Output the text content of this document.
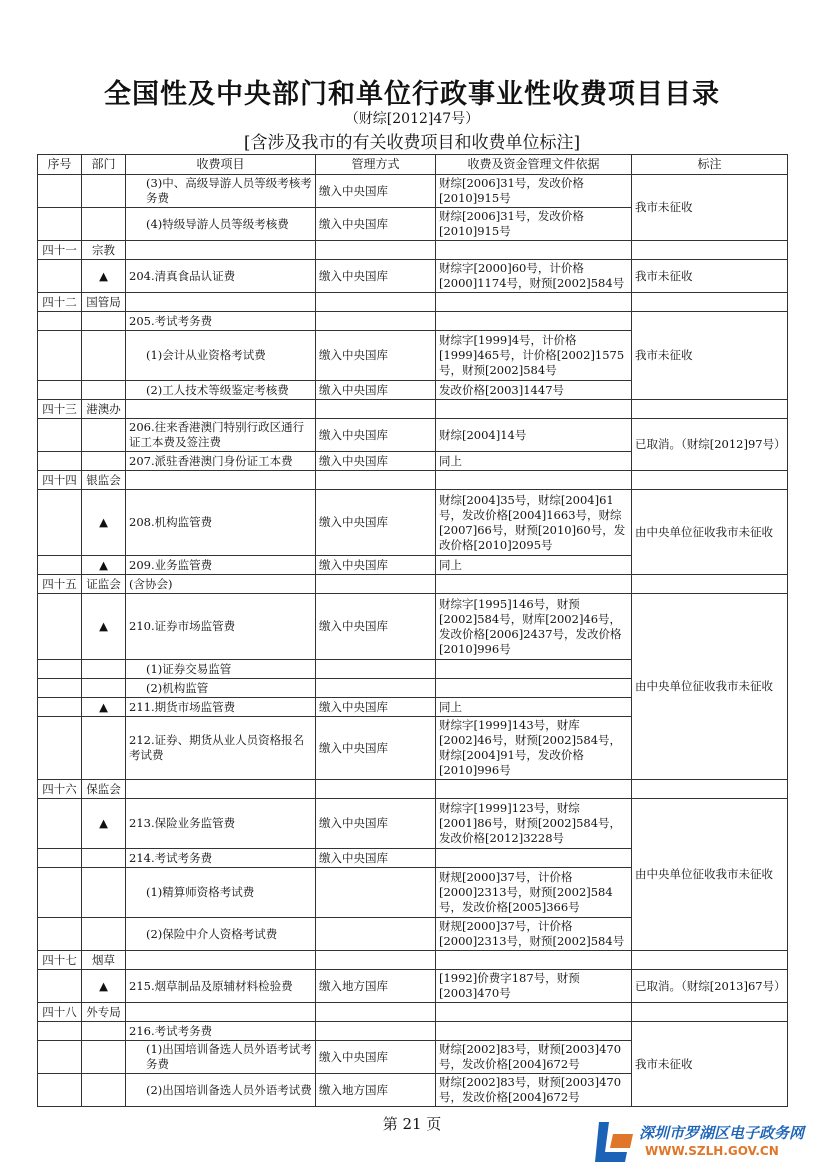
全国性及中央部门和单位行政事业性收费项目目录
（财综[2012]47号）
[含涉及我市的有关收费项目和收费单位标注]
序号	部门	收费项目	管理方式	收费及资金管理文件依据	标注
		(3)中、高级导游人员等级考核考务费	缴入中央国库	财综[2006]31号，发改价格[2010]915号	我市未征收
		(4)特级导游人员等级考核费	缴入中央国库	财综[2006]31号，发改价格[2010]915号	
四十一	宗教				
	▲	204.清真食品认证费	缴入中央国库	财综字[2000]60号，计价格[2000]1174号，财预[2002]584号	我市未征收
四十二	国管局				
		205.考试考务费			我市未征收
		(1)会计从业资格考试费	缴入中央国库	财综字[1999]4号，计价格[1999]465号，计价格[2002]1575号，财预[2002]584号	
		(2)工人技术等级鉴定考核费	缴入中央国库	发改价格[2003]1447号	
四十三	港澳办				
		206.往来香港澳门特别行政区通行证工本费及签注费	缴入中央国库	财综[2004]14号	已取消。（财综[2012]97号）
		207.派驻香港澳门身份证工本费	缴入中央国库	同上	
四十四	银监会				
	▲	208.机构监管费	缴入中央国库	财综[2004]35号，财综[2004]61号，发改价格[2004]1663号，财综[2007]66号，财预[2010]60号，发改价格[2010]2095号	由中央单位征收我市未征收
	▲	209.业务监管费	缴入中央国库	同上	
四十五	证监会	(含协会)			
	▲	210.证券市场监管费	缴入中央国库	财综字[1995]146号，财预[2002]584号，财库[2002]46号，发改价格[2006]2437号，发改价格[2010]996号	由中央单位征收我市未征收
		(1)证券交易监管			
		(2)机构监管			
	▲	211.期货市场监管费	缴入中央国库	同上	
		212.证券、期货从业人员资格报名考试费	缴入中央国库	财综字[1999]143号，财库[2002]46号，财预[2002]584号，财综[2004]91号，发改价格[2010]996号	
四十六	保监会				
	▲	213.保险业务监管费	缴入中央国库	财综字[1999]123号，财综[2001]86号，财预[2002]584号，发改价格[2012]3228号	由中央单位征收我市未征收
		214.考试考务费	缴入中央国库		
		(1)精算师资格考试费		财规[2000]37号，计价格[2000]2313号，财预[2002]584号，发改价格[2005]366号	
		(2)保险中介人资格考试费		财规[2000]37号，计价格[2000]2313号，财预[2002]584号	
四十七	烟草				
	▲	215.烟草制品及原辅材料检验费	缴入地方国库	[1992]价费字187号，财预[2003]470号	已取消。（财综[2013]67号）
四十八	外专局				
		216.考试考务费			我市未征收
		(1)出国培训备选人员外语考试考务费	缴入中央国库	财综[2002]83号，财预[2003]470号，发改价格[2004]672号	
		(2)出国培训备选人员外语考试费	缴入地方国库	财综[2002]83号，财预[2003]470号，发改价格[2004]672号	
第 21 页	深圳市罗湖区电子政务网
WWW.SZLH.GOV.CN
